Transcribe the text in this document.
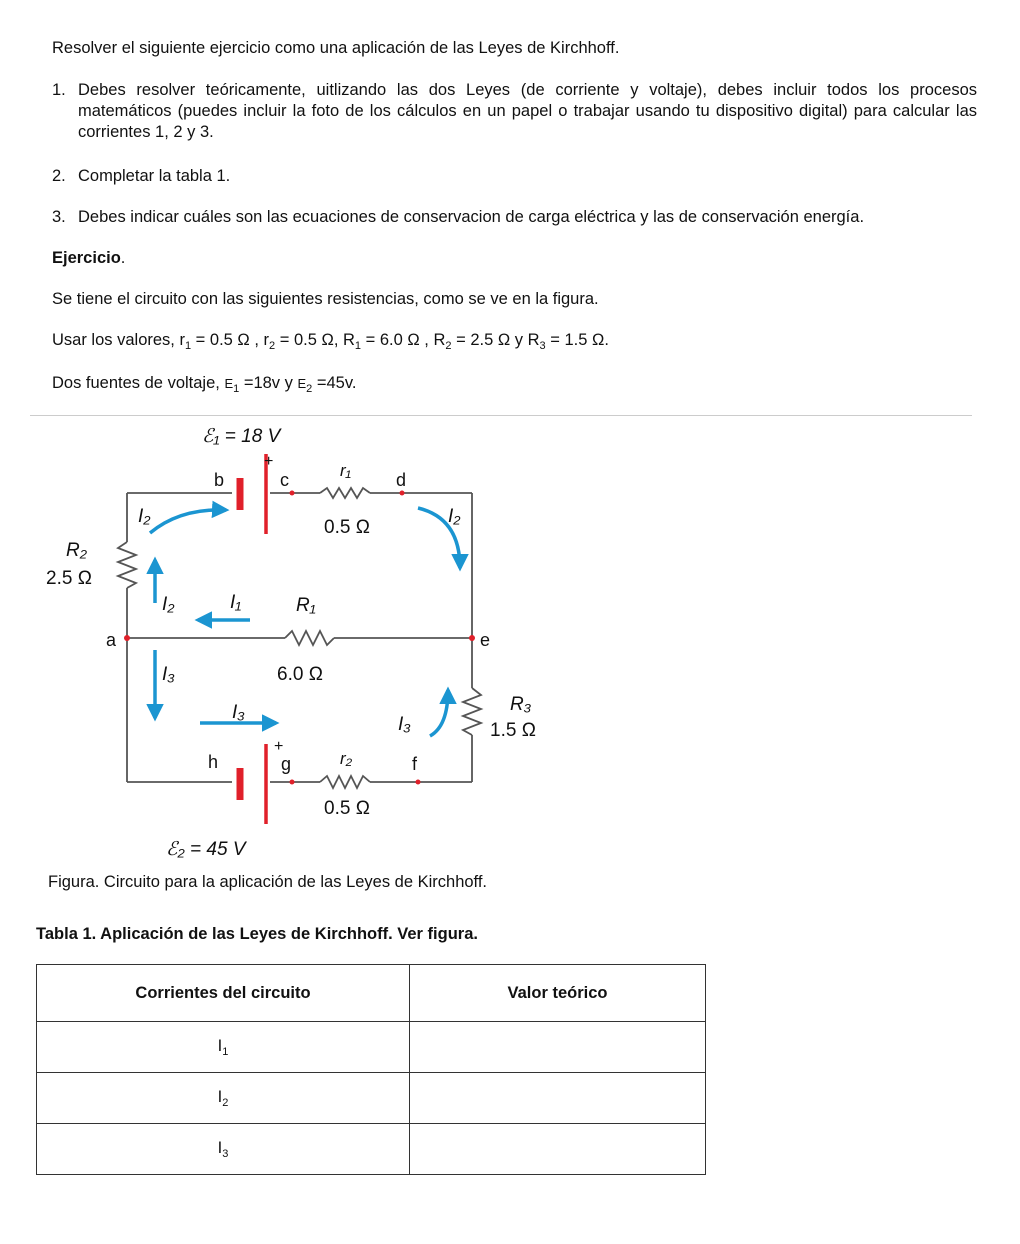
Resolver el siguiente ejercicio como una aplicación de las Leyes de Kirchhoff.

1. Debes resolver teóricamente, uitlizando las dos Leyes (de corriente y voltaje), debes incluir todos los procesos matemáticos (puedes incluir la foto de los cálculos en un papel o trabajar usando tu dispositivo digital) para calcular las corrientes 1, 2 y 3.
2. Completar la tabla 1.
3. Debes indicar cuáles son las ecuaciones de conservacion de carga eléctrica y las de conservación energía.

Ejercicio.

Se tiene el circuito con las siguientes resistencias, como se ve en la figura.

Usar los valores, $r_1 = 0.5$ Ω , $r_2 = 0.5$ Ω, $R_1 = 6.0$ Ω , $R_2 = 2.5$ Ω y $R_3 = 1.5$ Ω.

Dos fuentes de voltaje, $E_1 =18v$ y $E_2 =45v$.

ℰ₁ = 18 V
ℰ₂ = 45 V
+
+
b	c	d
a	e
h	g	f
r₁
0.5 Ω
r₂
0.5 Ω
R₁
6.0 Ω
R₂
2.5 Ω
R₃
1.5 Ω
I₂	I₂
I₂	I₁
I₃
I₃
I₃

Figura. Circuito para la aplicación de las Leyes de Kirchhoff.

Tabla 1. Aplicación de las Leyes de Kirchhoff. Ver figura.

Corrientes del circuito	Valor teórico
$I_1$	
$I_2$	
$I_3$	
